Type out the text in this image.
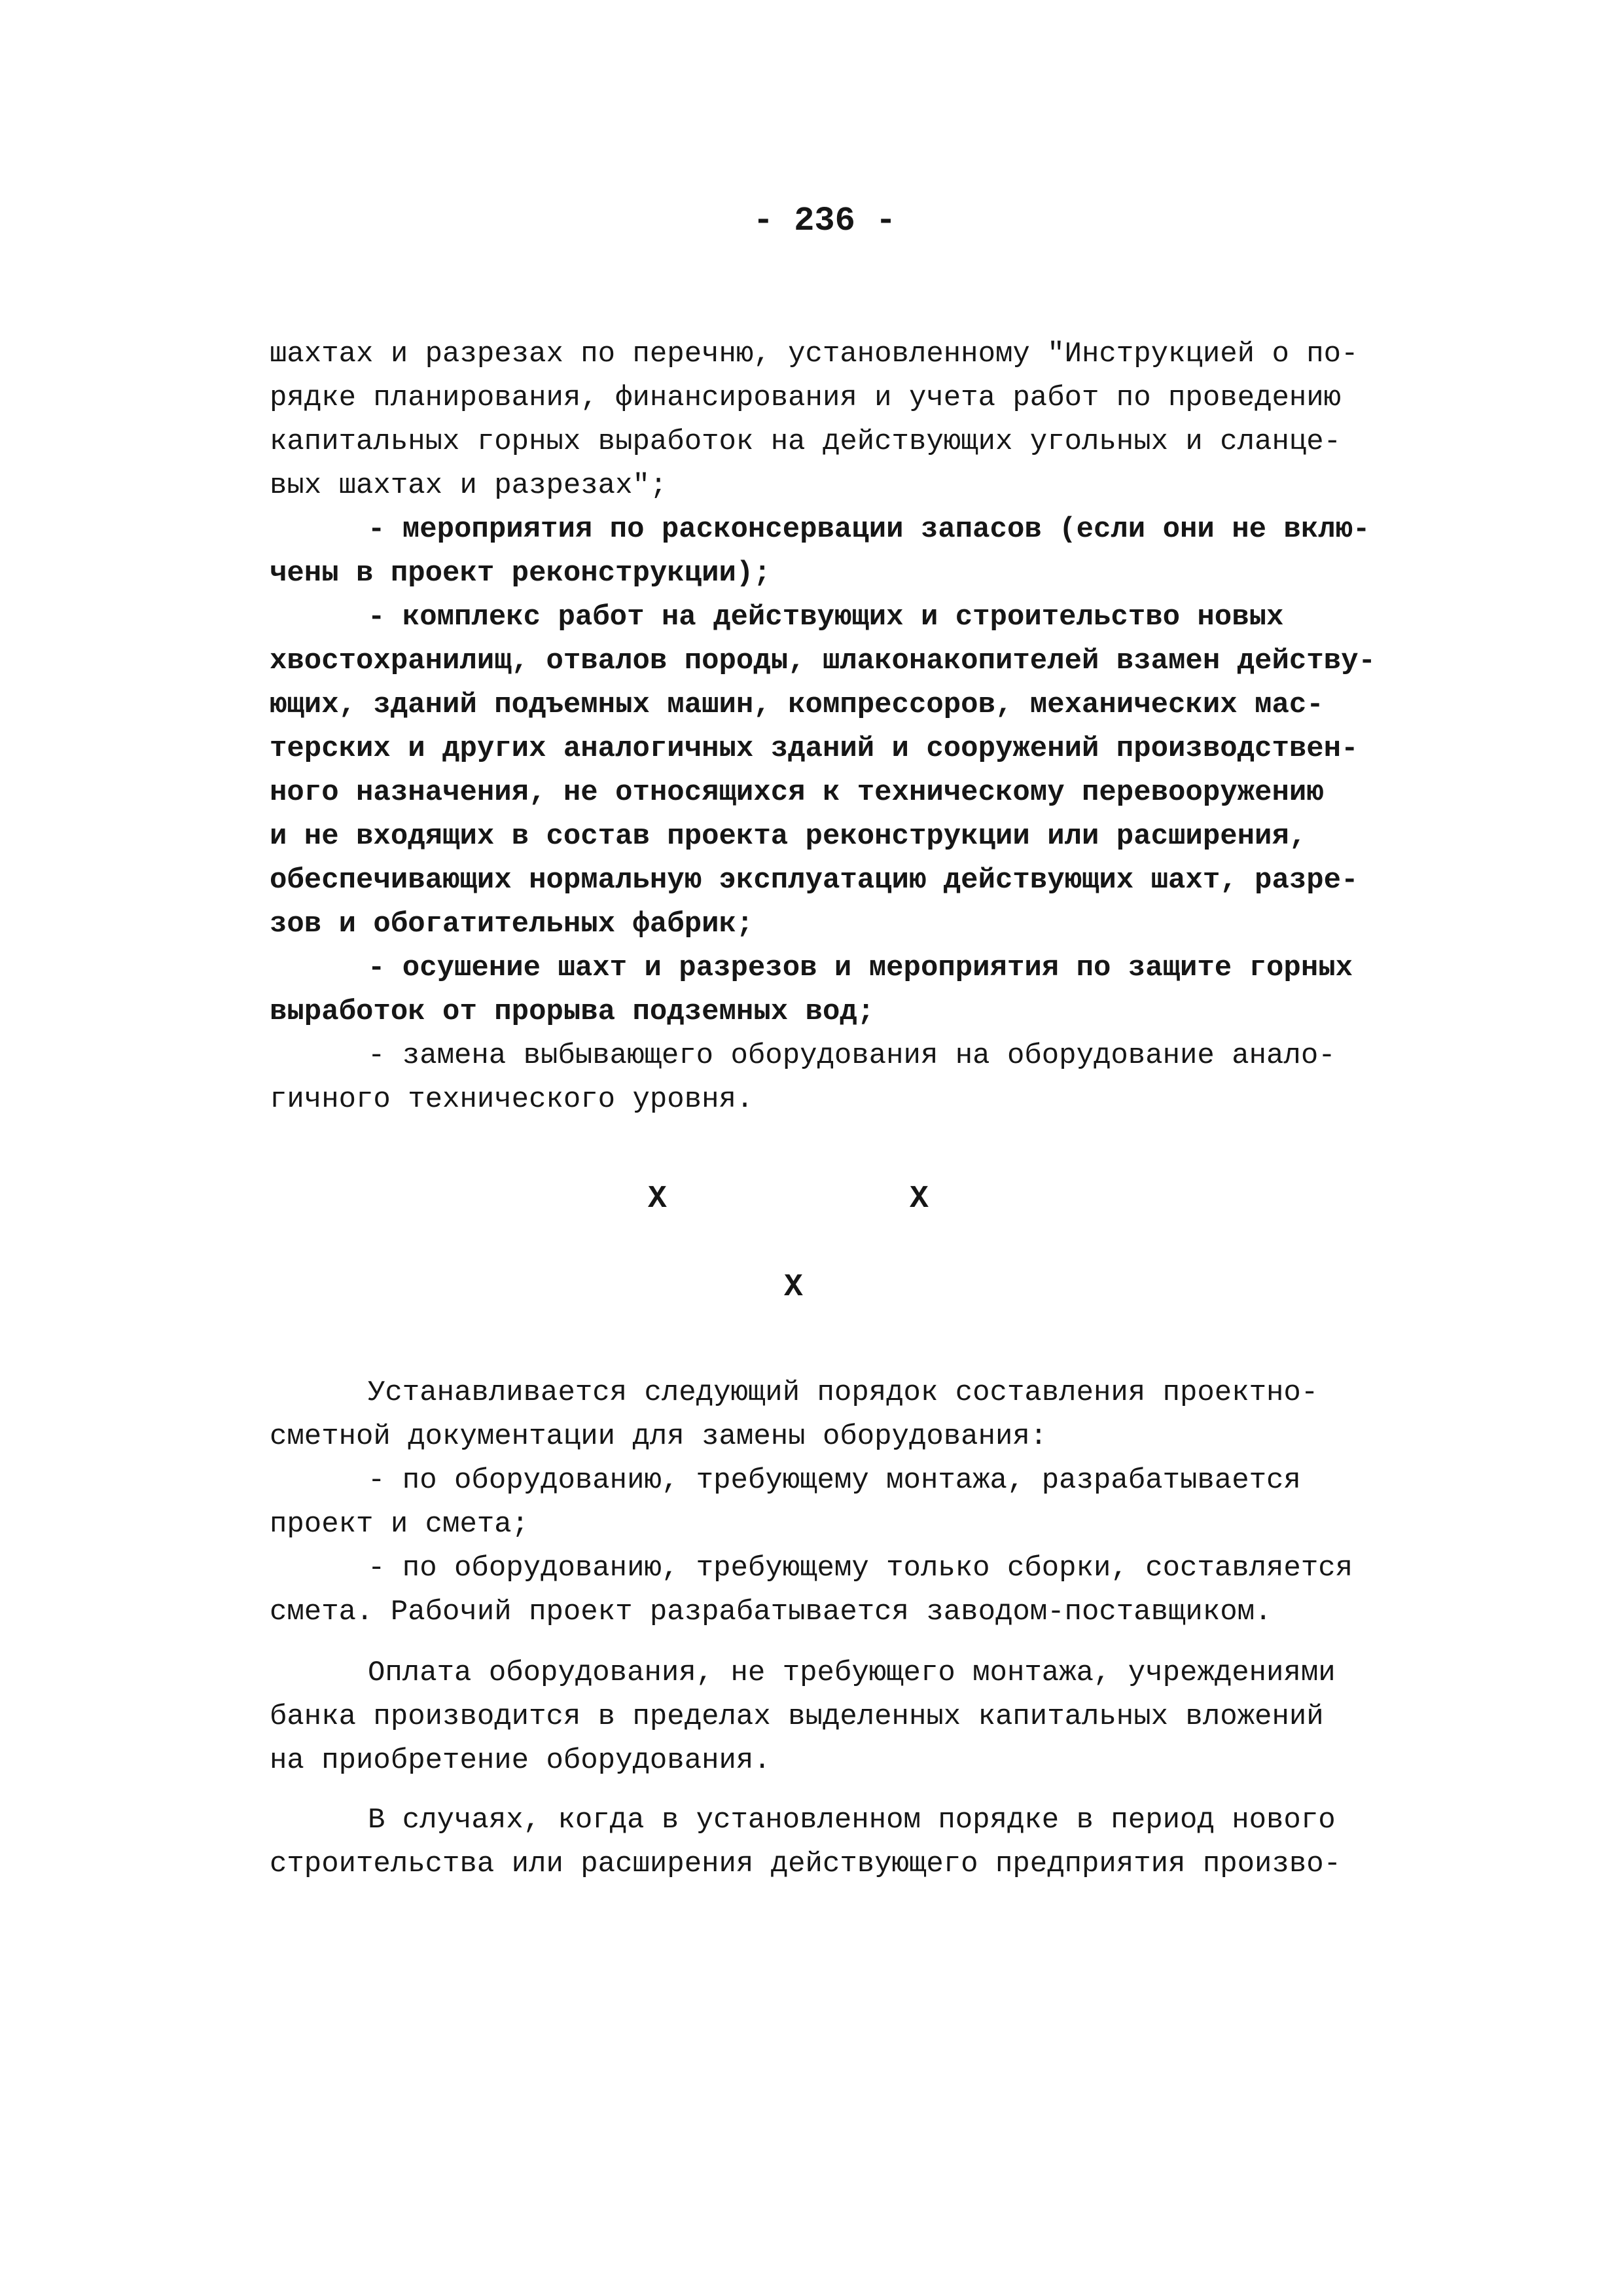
- 236 -
шахтах и разрезах по перечню, установленному "Инструкцией о по-
рядке планирования, финансирования и учета работ по проведению
капитальных горных выработок на действующих угольных и сланце-
вых шахтах и разрезах";
- мероприятия по расконсервации запасов (если они не вклю-
чены в проект реконструкции);
- комплекс работ на действующих и строительство новых
хвостохранилищ, отвалов породы, шлаконакопителей взамен действу-
ющих, зданий подъемных машин, компрессоров, механических мас-
терских и других аналогичных зданий и сооружений производствен-
ного назначения, не относящихся к техническому перевооружению
и не входящих в состав проекта реконструкции или расширения,
обеспечивающих нормальную эксплуатацию действующих шахт, разре-
зов и обогатительных фабрик;
- осушение шахт и разрезов и мероприятия по защите горных
выработок от прорыва подземных вод;
- замена выбывающего оборудования на оборудование анало-
гичного технического уровня.
Х	Х
Х
Устанавливается следующий порядок составления проектно-
сметной документации для замены оборудования:
- по оборудованию, требующему монтажа, разрабатывается
проект и смета;
- по оборудованию, требующему только сборки, составляется
смета. Рабочий проект разрабатывается заводом-поставщиком.
Оплата оборудования, не требующего монтажа, учреждениями
банка производится в пределах выделенных капитальных вложений
на приобретение оборудования.
В случаях, когда в установленном порядке в период нового
строительства или расширения действующего предприятия произво-
